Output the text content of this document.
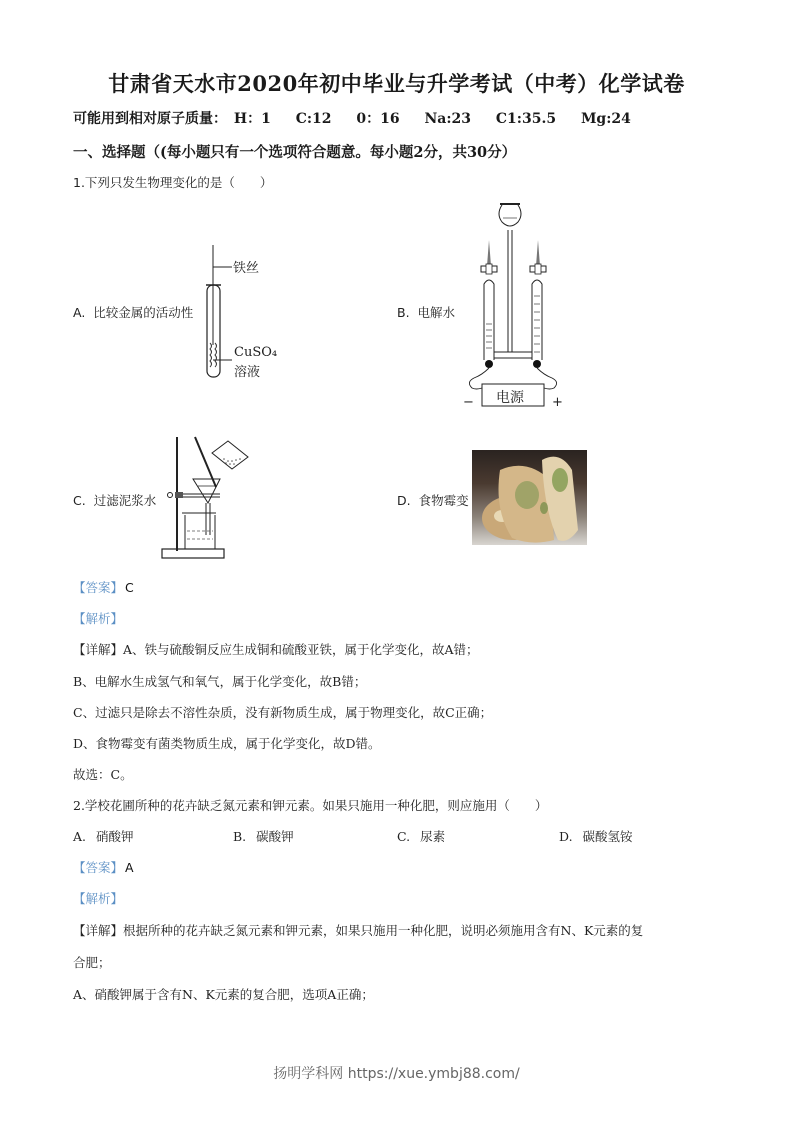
甘肃省天水市2020年初中毕业与升学考试（中考）化学试卷
可能用到相对原子质量： H：1 C:12 0：16 Na:23 C1:35.5 Mg:24
一、选择题（(每小题只有一个选项符合题意。每小题2分，共30分）
1.下列只发生物理变化的是（　　）
A. 比较金属的活动性
铁丝
CuSO₄
溶液
B. 电解水
电源
−	+
C. 过滤泥浆水	D. 食物霉变
【答案】 C
【解析】
【详解】A、铁与硫酸铜反应生成铜和硫酸亚铁，属于化学变化，故A错；
B、电解水生成氢气和氧气，属于化学变化，故B错；
C、过滤只是除去不溶性杂质，没有新物质生成，属于物理变化，故C正确；
D、食物霉变有菌类物质生成，属于化学变化，故D错。
故选：C。
2.学校花圃所种的花卉缺乏氮元素和钾元素。如果只施用一种化肥，则应施用（　　）
A. 硝酸钾	B. 碳酸钾	C. 尿素	D. 碳酸氢铵
【答案】 A
【解析】
【详解】根据所种的花卉缺乏氮元素和钾元素，如果只施用一种化肥，说明必须施用含有N、K元素的复
合肥；
A、硝酸钾属于含有N、K元素的复合肥，选项A正确；
扬明学科网 https://xue.ymbj88.com/
